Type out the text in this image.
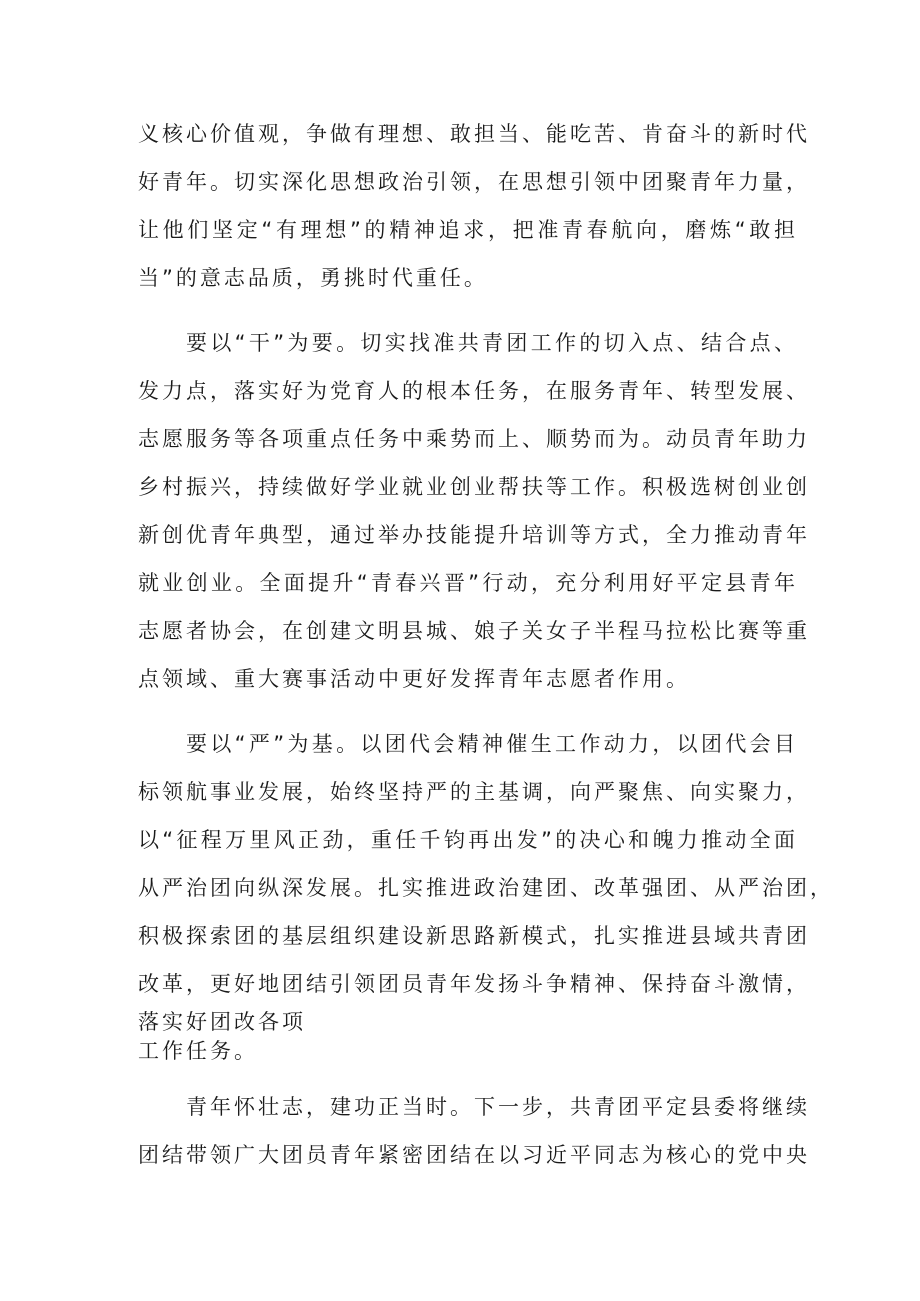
义核心价值观，争做有理想、敢担当、能吃苦、肯奋斗的新时代
好青年。切实深化思想政治引领，在思想引领中团聚青年力量，
让他们坚定“有理想”的精神追求，把准青春航向，磨炼“敢担
当”的意志品质，勇挑时代重任。
要以“干”为要。切实找准共青团工作的切入点、结合点、
发力点，落实好为党育人的根本任务，在服务青年、转型发展、
志愿服务等各项重点任务中乘势而上、顺势而为。动员青年助力
乡村振兴，持续做好学业就业创业帮扶等工作。积极选树创业创
新创优青年典型，通过举办技能提升培训等方式，全力推动青年
就业创业。全面提升“青春兴晋”行动，充分利用好平定县青年
志愿者协会，在创建文明县城、娘子关女子半程马拉松比赛等重
点领域、重大赛事活动中更好发挥青年志愿者作用。
要以“严”为基。以团代会精神催生工作动力，以团代会目
标领航事业发展，始终坚持严的主基调，向严聚焦、向实聚力，
以“征程万里风正劲，重任千钧再出发”的决心和魄力推动全面
从严治团向纵深发展。扎实推进政治建团、改革强团、从严治团，
积极探索团的基层组织建设新思路新模式，扎实推进县域共青团
改革，更好地团结引领团员青年发扬斗争精神、保持奋斗激情，
落实好团改各项
工作任务。
青年怀壮志，建功正当时。下一步，共青团平定县委将继续
团结带领广大团员青年紧密团结在以习近平同志为核心的党中央
